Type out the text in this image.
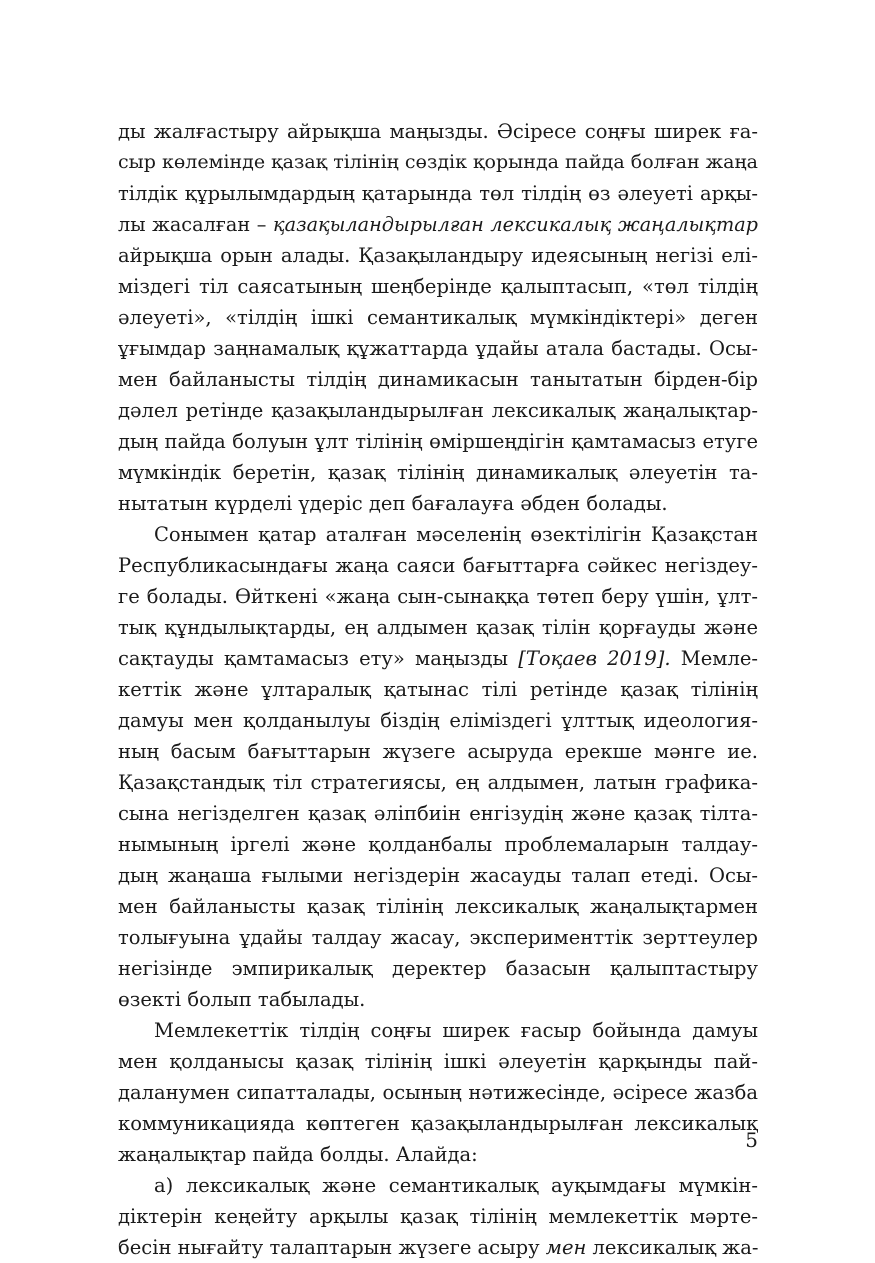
ды жалғастыру айрықша маңызды. Әсіресе соңғы ширек ға-
сыр көлемінде қазақ тілінің сөздік қорында пайда болған жаңа
тілдік құрылымдардың қатарында төл тілдің өз әлеуеті арқы-
лы жасалған – қазақыландырылған лексикалық жаңалықтар
айрықша орын алады. Қазақыландыру идеясының негізі елі-
міздегі тіл саясатының шеңберінде қалыптасып, «төл тілдің
әлеуеті», «тілдің ішкі семантикалық мүмкіндіктері» деген
ұғымдар заңнамалық құжаттарда ұдайы атала бастады. Осы-
мен байланысты тілдің динамикасын танытатын бірден-бір
дәлел ретінде қазақыландырылған лексикалық жаңалықтар-
дың пайда болуын ұлт тілінің өміршеңдігін қамтамасыз етуге
мүмкіндік беретін, қазақ тілінің динамикалық әлеуетін та-
нытатын күрделі үдеріс деп бағалауға әбден болады.
Сонымен қатар аталған мәселенің өзектілігін Қазақстан
Республикасындағы жаңа саяси бағыттарға сәйкес негіздеу-
ге болады. Өйткені «жаңа сын-сынаққа төтеп беру үшін, ұлт-
тық құндылықтарды, ең алдымен қазақ тілін қорғауды және
сақтауды қамтамасыз ету» маңызды [Тоқаев 2019]. Мемле-
кеттік және ұлтаралық қатынас тілі ретінде қазақ тілінің
дамуы мен қолданылуы біздің еліміздегі ұлттық идеология-
ның басым бағыттарын жүзеге асыруда ерекше мәнге ие.
Қазақстандық тіл стратегиясы, ең алдымен, латын графика-
сына негізделген қазақ әліпбиін енгізудің және қазақ тілта-
нымының іргелі және қолданбалы проблемаларын талдау-
дың жаңаша ғылыми негіздерін жасауды талап етеді. Осы-
мен байланысты қазақ тілінің лексикалық жаңалықтармен
толығуына ұдайы талдау жасау, эксперименттік зерттеулер
негізінде эмпирикалық деректер базасын қалыптастыру
өзекті болып табылады.
Мемлекеттік тілдің соңғы ширек ғасыр бойында дамуы
мен қолданысы қазақ тілінің ішкі әлеуетін қарқынды пай-
даланумен сипатталады, осының нәтижесінде, әсіресе жазба
коммуникацияда көптеген қазақыландырылған лексикалық
жаңалықтар пайда болды. Алайда:
а) лексикалық және семантикалық ауқымдағы мүмкін-
діктерін кеңейту арқылы қазақ тілінің мемлекеттік мәрте-
бесін нығайту талаптарын жүзеге асыру мен лексикалық жа-
5
